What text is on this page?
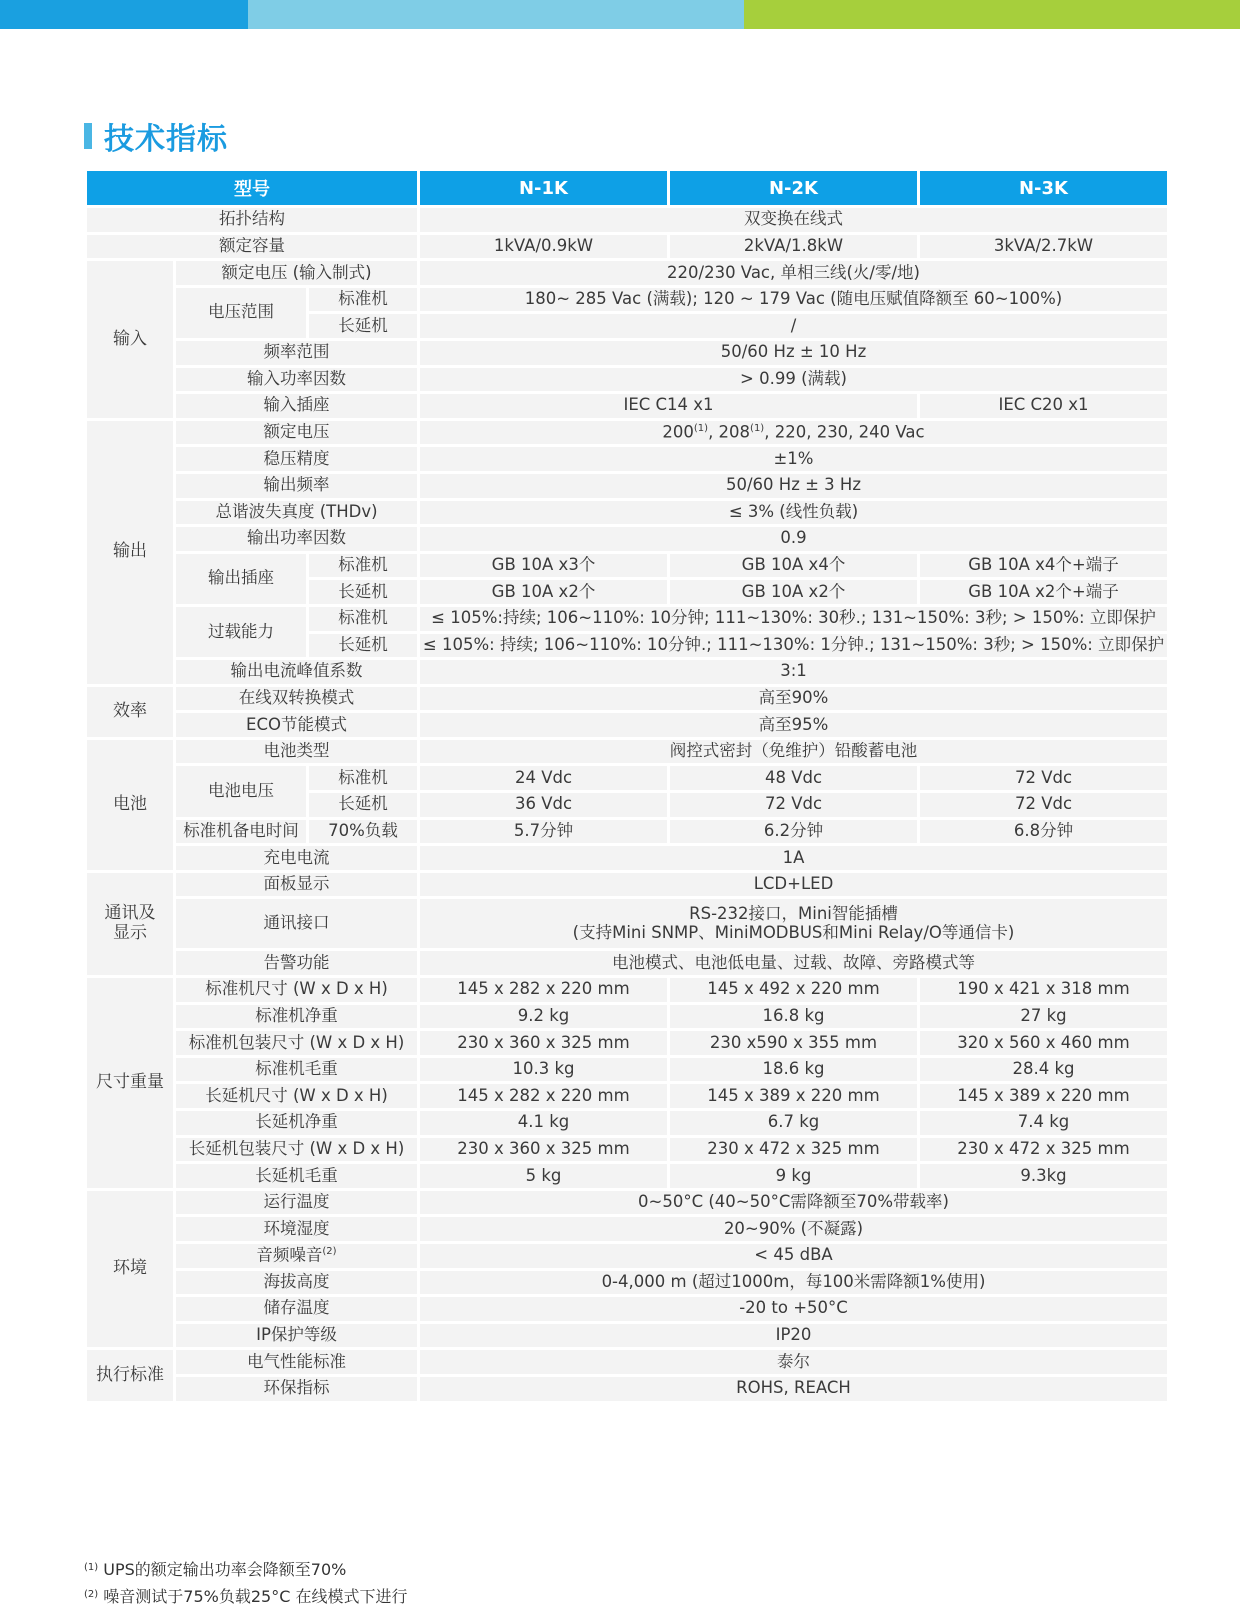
技术指标
型号			N-1K	N-2K	N-3K
拓扑结构			双变换在线式		
额定容量			1kVA/0.9kW	2kVA/1.8kW	3kVA/2.7kW
输入	额定电压 (输入制式)		220/230 Vac, 单相三线(火/零/地)		
	电压范围	标准机	180~ 285 Vac (满载); 120 ~ 179 Vac (随电压赋值降额至 60~100%)		
		长延机	/		
	频率范围		50/60 Hz ± 10 Hz		
	输入功率因数		> 0.99 (满载)		
	输入插座		IEC C14 x1		IEC C20 x1
输出	额定电压		200$^{(1)}$, 208$^{(1)}$, 220, 230, 240 Vac		
	稳压精度		±1%		
	输出频率		50/60 Hz ± 3 Hz		
	总谐波失真度 (THDv)		≤ 3% (线性负载)		
	输出功率因数		0.9		
	输出插座	标准机	GB 10A x3个	GB 10A x4个	GB 10A x4个+端子
		长延机	GB 10A x2个	GB 10A x2个	GB 10A x2个+端子
	过载能力	标准机	≤ 105%:持续; 106~110%: 10分钟; 111~130%: 30秒.; 131~150%: 3秒; > 150%: 立即保护		
		长延机	≤ 105%: 持续; 106~110%: 10分钟.; 111~130%: 1分钟.; 131~150%: 3秒; > 150%: 立即保护		
	输出电流峰值系数		3:1		
效率	在线双转换模式		高至90%		
	ECO节能模式		高至95%		
电池	电池类型		阀控式密封（免维护）铅酸蓄电池		
	电池电压	标准机	24 Vdc	48 Vdc	72 Vdc
		长延机	36 Vdc	72 Vdc	72 Vdc
	标准机备电时间	70%负载	5.7分钟	6.2分钟	6.8分钟
	充电电流		1A		
通讯及
显示	面板显示		LCD+LED		
	通讯接口		RS-232接口，Mini智能插槽
(支持Mini SNMP、MiniMODBUS和Mini Relay/O等通信卡)		
	告警功能		电池模式、电池低电量、过载、故障、旁路模式等		
尺寸重量	标准机尺寸 (W x D x H)		145 x 282 x 220 mm	145 x 492 x 220 mm	190 x 421 x 318 mm
	标准机净重		9.2 kg	16.8 kg	27 kg
	标准机包装尺寸 (W x D x H)		230 x 360 x 325 mm	230 x590 x 355 mm	320 x 560 x 460 mm
	标准机毛重		10.3 kg	18.6 kg	28.4 kg
	长延机尺寸 (W x D x H)		145 x 282 x 220 mm	145 x 389 x 220 mm	145 x 389 x 220 mm
	长延机净重		4.1 kg	6.7 kg	7.4 kg
	长延机包装尺寸 (W x D x H)		230 x 360 x 325 mm	230 x 472 x 325 mm	230 x 472 x 325 mm
	长延机毛重		5 kg	9 kg	9.3kg
环境	运行温度		0~50°C (40~50°C需降额至70%带载率)		
	环境湿度		20~90% (不凝露)		
	音频噪音$^{(2)}$		< 45 dBA		
	海拔高度		0-4,000 m (超过1000m，每100米需降额1%使用)		
	储存温度		-20 to +50°C		
	IP保护等级		IP20		
执行标准	电气性能标准		泰尔		
	环保指标		ROHS, REACH		
$^{(1)}$ UPS的额定输出功率会降额至70%
$^{(2)}$ 噪音测试于75%负载25°C 在线模式下进行
